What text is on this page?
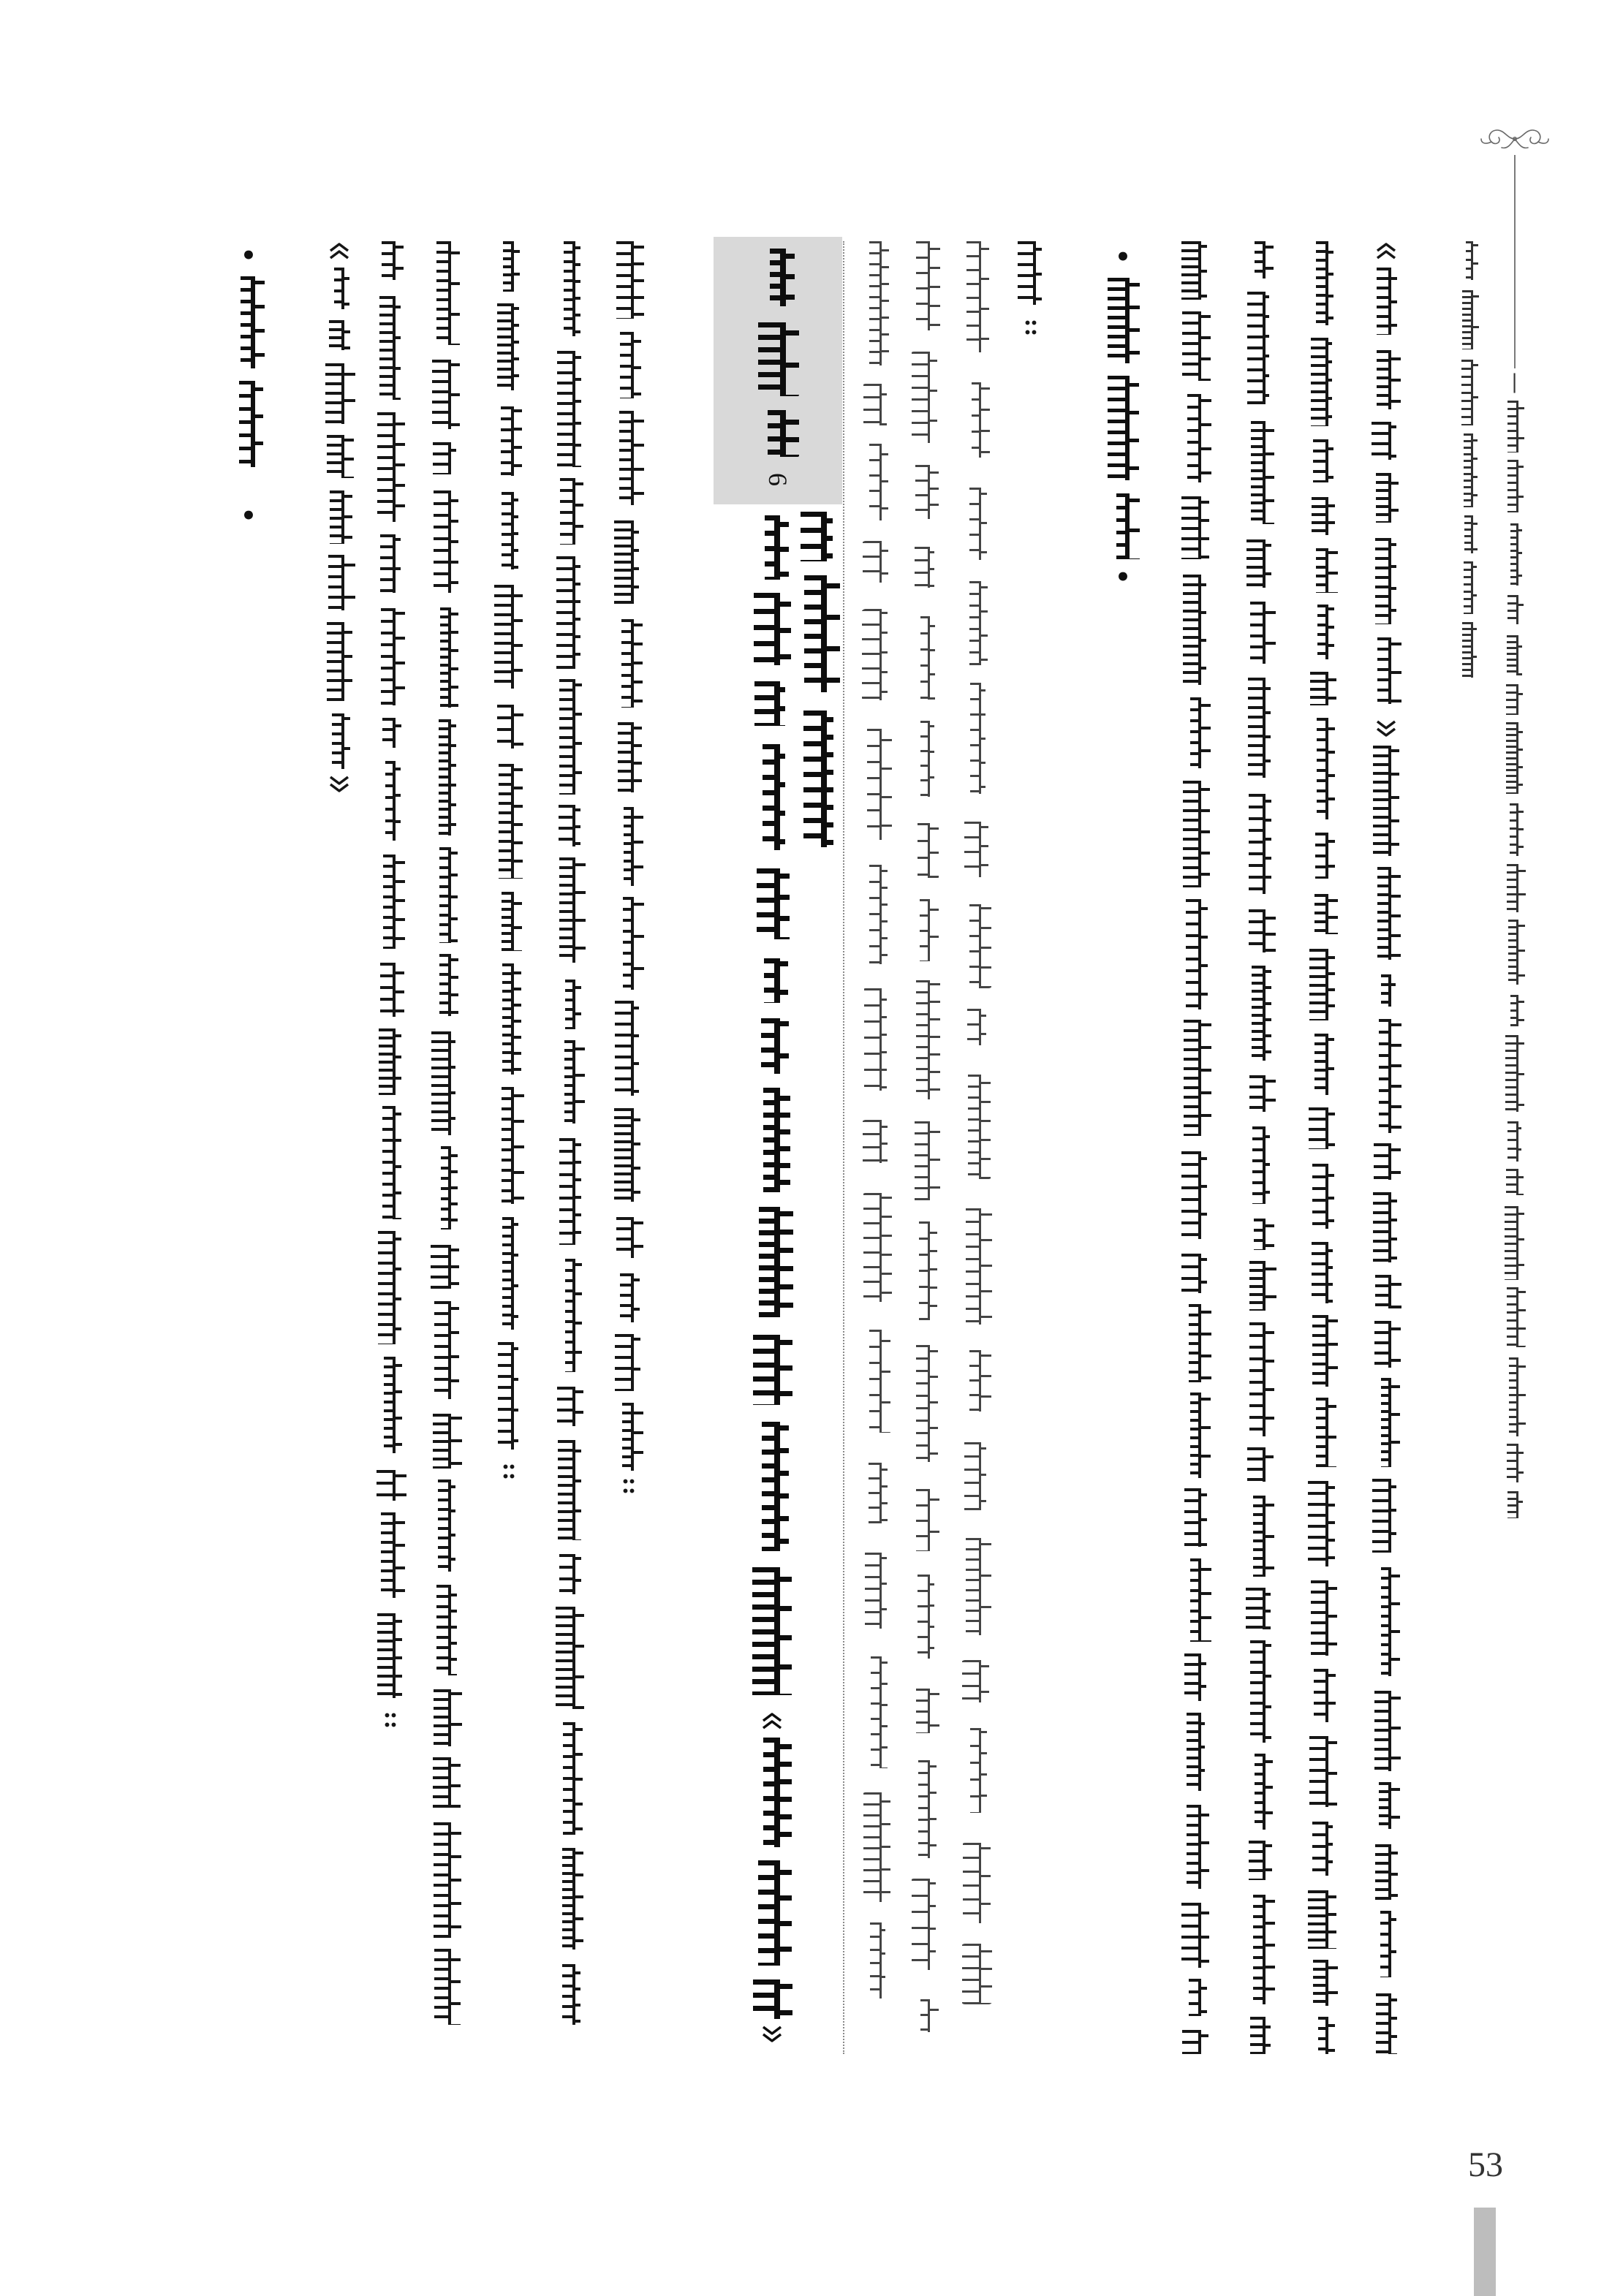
—
6
•
•
•
•
53
